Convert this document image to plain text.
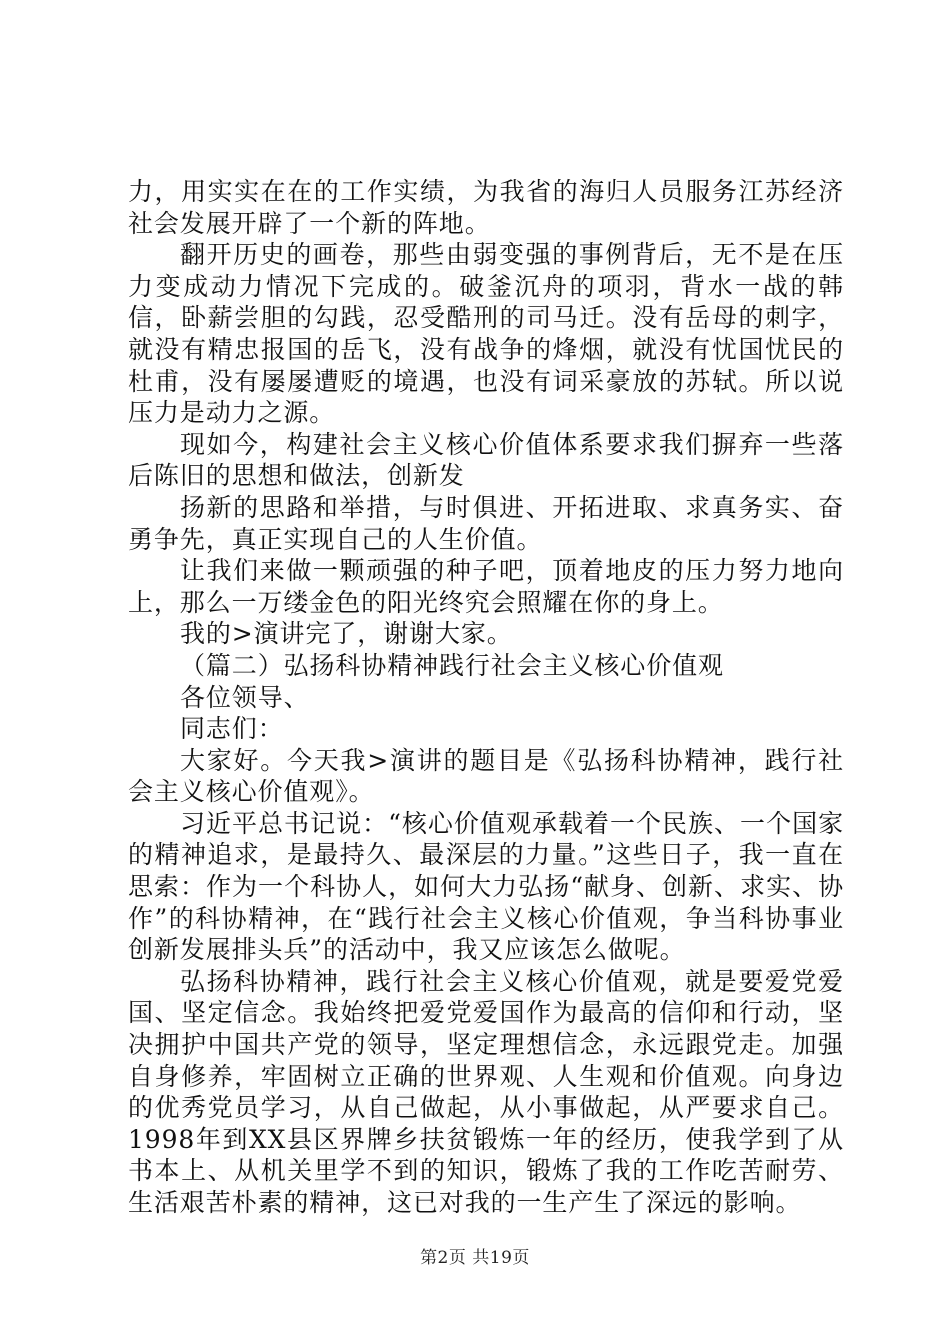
力，用实实在在的工作实绩，为我省的海归人员服务江苏经济社会发展开辟了一个新的阵地。

翻开历史的画卷，那些由弱变强的事例背后，无不是在压力变成动力情况下完成的。破釜沉舟的项羽，背水一战的韩信，卧薪尝胆的勾践，忍受酷刑的司马迁。没有岳母的刺字，就没有精忠报国的岳飞，没有战争的烽烟，就没有忧国忧民的杜甫，没有屡屡遭贬的境遇，也没有词采豪放的苏轼。所以说压力是动力之源。

现如今，构建社会主义核心价值体系要求我们摒弃一些落后陈旧的思想和做法，创新发

扬新的思路和举措，与时俱进、开拓进取、求真务实、奋勇争先，真正实现自己的人生价值。

让我们来做一颗顽强的种子吧，顶着地皮的压力努力地向上，那么一万缕金色的阳光终究会照耀在你的身上。

我的>演讲完了，谢谢大家。

（篇二）弘扬科协精神践行社会主义核心价值观

各位领导、

同志们：

大家好。今天我>演讲的题目是《弘扬科协精神，践行社会主义核心价值观》。

习近平总书记说：“核心价值观承载着一个民族、一个国家的精神追求，是最持久、最深层的力量。”这些日子，我一直在思索：作为一个科协人，如何大力弘扬“献身、创新、求实、协作”的科协精神，在“践行社会主义核心价值观，争当科协事业创新发展排头兵”的活动中，我又应该怎么做呢。

弘扬科协精神，践行社会主义核心价值观，就是要爱党爱国、坚定信念。我始终把爱党爱国作为最高的信仰和行动，坚决拥护中国共产党的领导，坚定理想信念，永远跟党走。加强自身修养，牢固树立正确的世界观、人生观和价值观。向身边的优秀党员学习，从自己做起，从小事做起，从严要求自己。1998年到XX县区界牌乡扶贫锻炼一年的经历，使我学到了从书本上、从机关里学不到的知识，锻炼了我的工作吃苦耐劳、生活艰苦朴素的精神，这已对我的一生产生了深远的影响。

第2页 共19页
